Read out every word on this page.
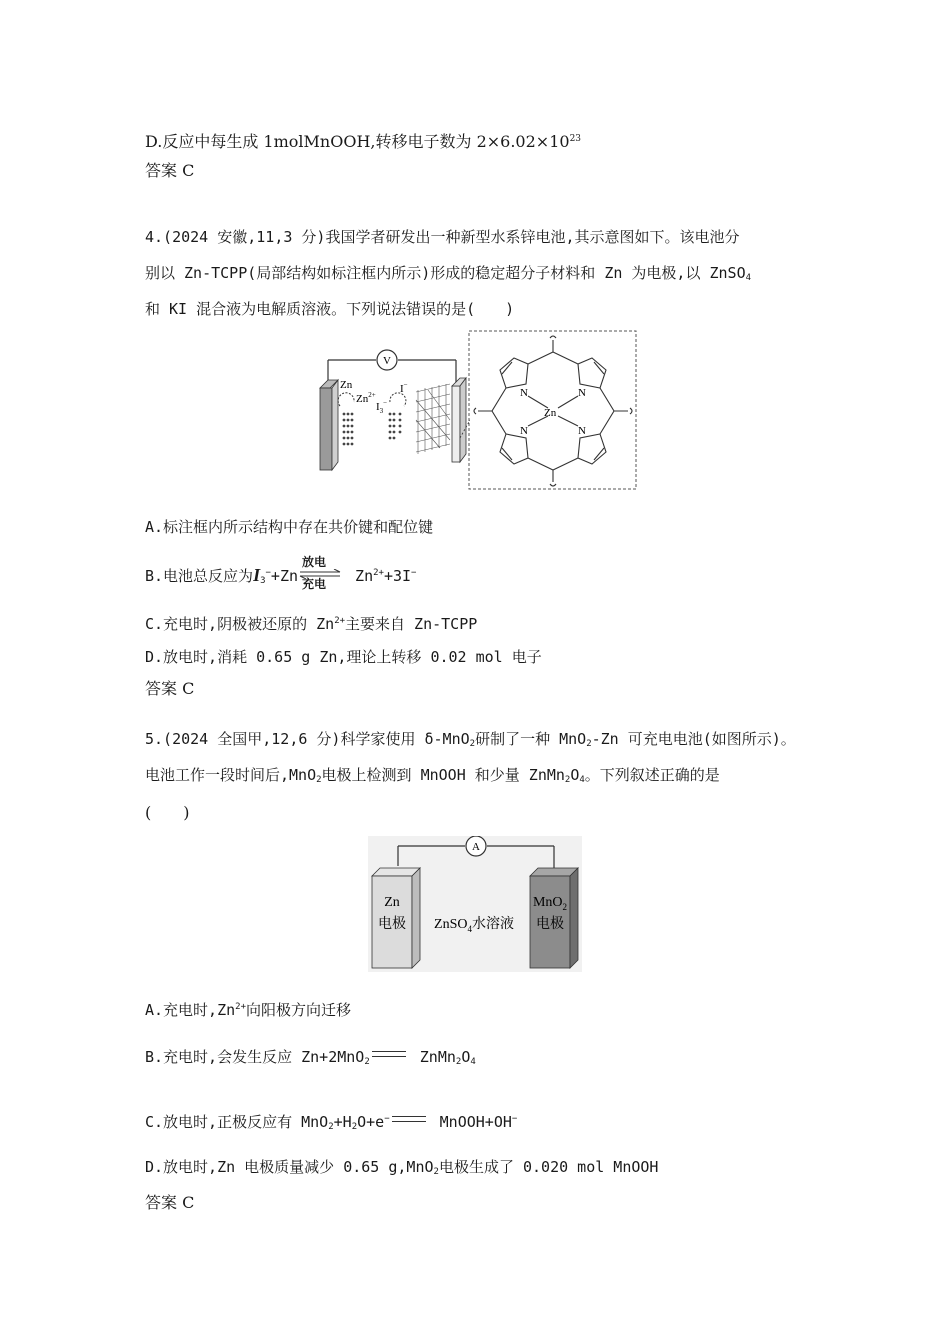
D.反应中每生成 1molMnOOH,转移电子数为 $2\times 6.02\times 10^{23}$
答案 C
4.(2024 安徽,11,3 分)我国学者研发出一种新型水系锌电池,其示意图如下。该电池分
别以 Zn-TCPP(局部结构如标注框内所示)形成的稳定超分子材料和 Zn 为电极,以 ZnSO$_4$
和 KI 混合液为电解质溶液。下列说法错误的是(　　)
V
Zn
$Zn^{2+}$ I−
$I_3^-$
N	N
N	N
Zn
A.标注框内所示结构中存在共价键和配位键
B.电池总反应为$I_3^-+Zn$
放电
充电 $Zn^{2+}+3I^-$
C.充电时,阴极被还原的 $Zn^{2+}$主要来自 Zn-TCPP
D.放电时,消耗 0.65 g Zn,理论上转移 0.02 mol 电子
答案 C
5.(2024 全国甲,12,6 分)科学家使用 δ-MnO$_2$研制了一种 MnO$_2$-Zn 可充电电池(如图所示)。
电池工作一段时间后,MnO$_2$电极上检测到 MnOOH 和少量 $ZnMn_2O_4$。下列叙述正确的是
(　　)
A
Zn
电极 ZnSO$_4$水溶液
MnO$_2$
电极
A.充电时$,Zn^{2+}$向阳极方向迁移
B.充电时,会发生反应 Zn+2MnO$_2$	$ZnMn_2O_4$
C.放电时,正极反应有 $MnO_2+H_2O+e^-$	MnOOH+OH−
D.放电时,Zn 电极质量减少 0.65 g,MnO$_2$电极生成了 0.020 mol MnOOH
答案 C
